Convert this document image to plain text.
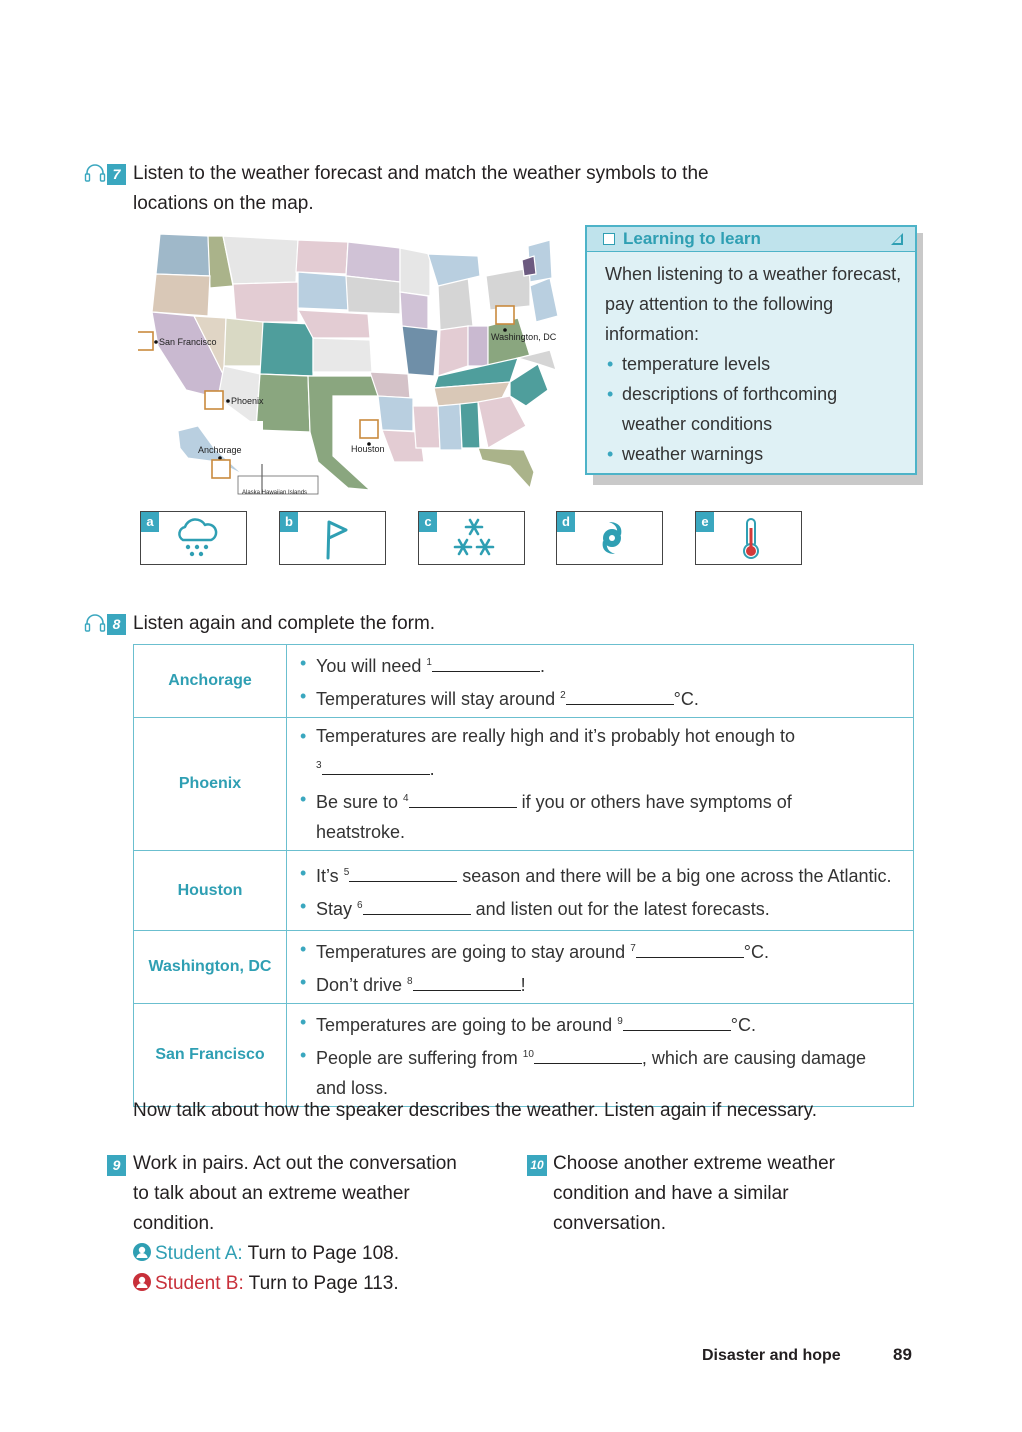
7 Listen to the weather forecast and match the weather symbols to the
locations on the map.
Alaska Hawaiian Islands
San Francisco
Phoenix
Anchorage	Houston
Washington, DC
Learning to learn
When listening to a weather forecast,
pay attention to the following
information:
• temperature levels
• descriptions of forthcoming
weather conditions
• weather warnings
a	b	c	d	e
8 Listen again and complete the form.
Anchorage	• You will need $^1$ .
• Temperatures will stay around $^2$ °C.

Phoenix	• Temperatures are really high and it’s probably hot enough to
$^3$ .
• Be sure to $^4$ if you or others have symptoms of
heatstroke.

Houston	• It’s $^5$ season and there will be a big one across the Atlantic.
• Stay $^6$ and listen out for the latest forecasts.

Washington, DC	• Temperatures are going to stay around $^7$ °C.
• Don’t drive $^8$ !

San Francisco	• Temperatures are going to be around $^9$ °C.
• People are suffering from $^{10}$ , which are causing damage
and loss.
Now talk about how the speaker describes the weather. Listen again if necessary.
9 Work in pairs. Act out the conversation
to talk about an extreme weather
condition.
Student A: Turn to Page 108.
Student B: Turn to Page 113.
10 Choose another extreme weather
condition and have a similar
conversation.
Disaster and hope	89
